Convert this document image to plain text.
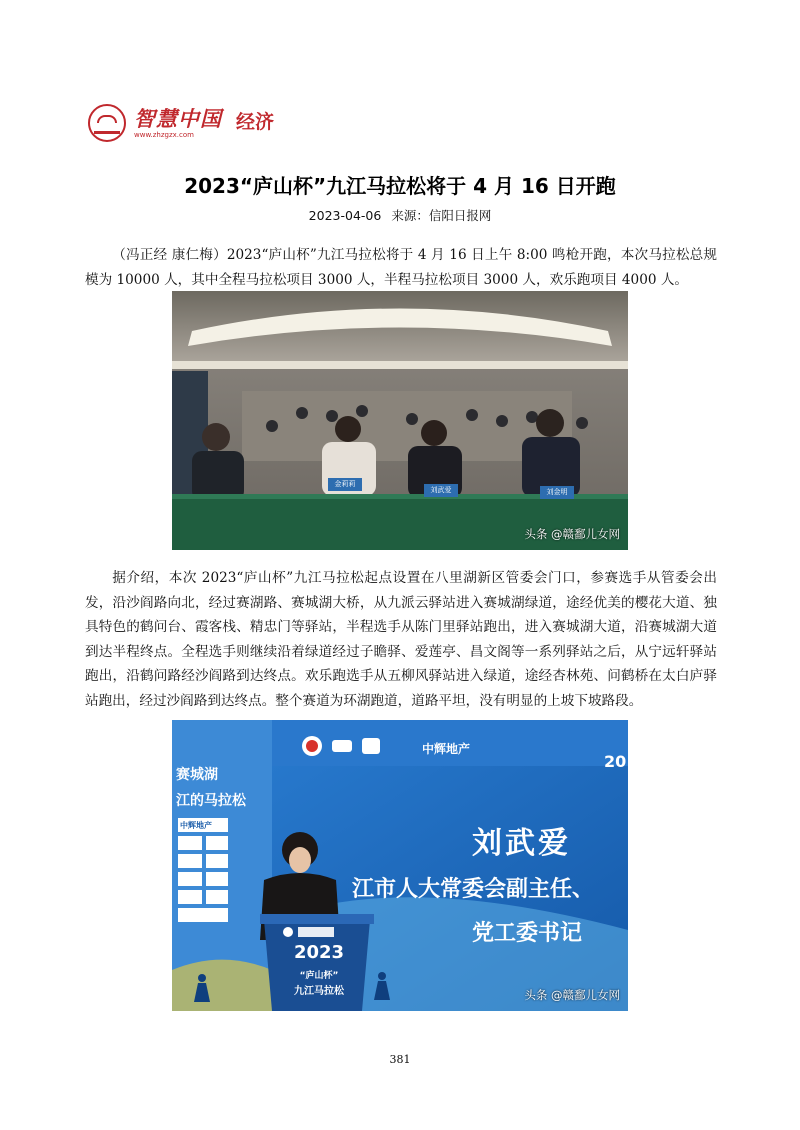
智慧中国
www.zhzgzx.com
经济
2023“庐山杯”九江马拉松将于 4 月 16 日开跑
2023-04-06 来源：信阳日报网

（冯正经 康仁梅）2023“庐山杯”九江马拉松将于 4 月 16 日上午 8:00 鸣枪开跑，本次马拉松总规模为 10000 人，其中全程马拉松项目 3000 人，半程马拉松项目 3000 人，欢乐跑项目 4000 人。

金莉莉
刘武爱	刘金明
头条 @赣鄱儿女网

据介绍，本次 2023“庐山杯”九江马拉松起点设置在八里湖新区管委会门口，参赛选手从管委会出发，沿沙阎路向北，经过赛湖路、赛城湖大桥，从九派云驿站进入赛城湖绿道，途经优美的樱花大道、独具特色的鹤问台、霞客栈、精忠门等驿站，半程选手从陈门里驿站跑出，进入赛城湖大道，沿赛城湖大道到达半程终点。全程选手则继续沿着绿道经过子瞻驿、爱莲亭、昌文阁等一系列驿站之后，从宁远轩驿站跑出，沿鹤问路经沙阎路到达终点。欢乐跑选手从五柳风驿站进入绿道，途经杏林苑、问鹤桥在太白庐驿站跑出，经过沙阎路到达终点。整个赛道为环湖跑道，道路平坦，没有明显的上坡下坡路段。

赛城湖
江的马拉松
中辉地产
中辉地产
20
刘武爱
江市人大常委会副主任、
党工委书记
2023
“庐山杯”
九江马拉松	头条 @赣鄱儿女网
381
